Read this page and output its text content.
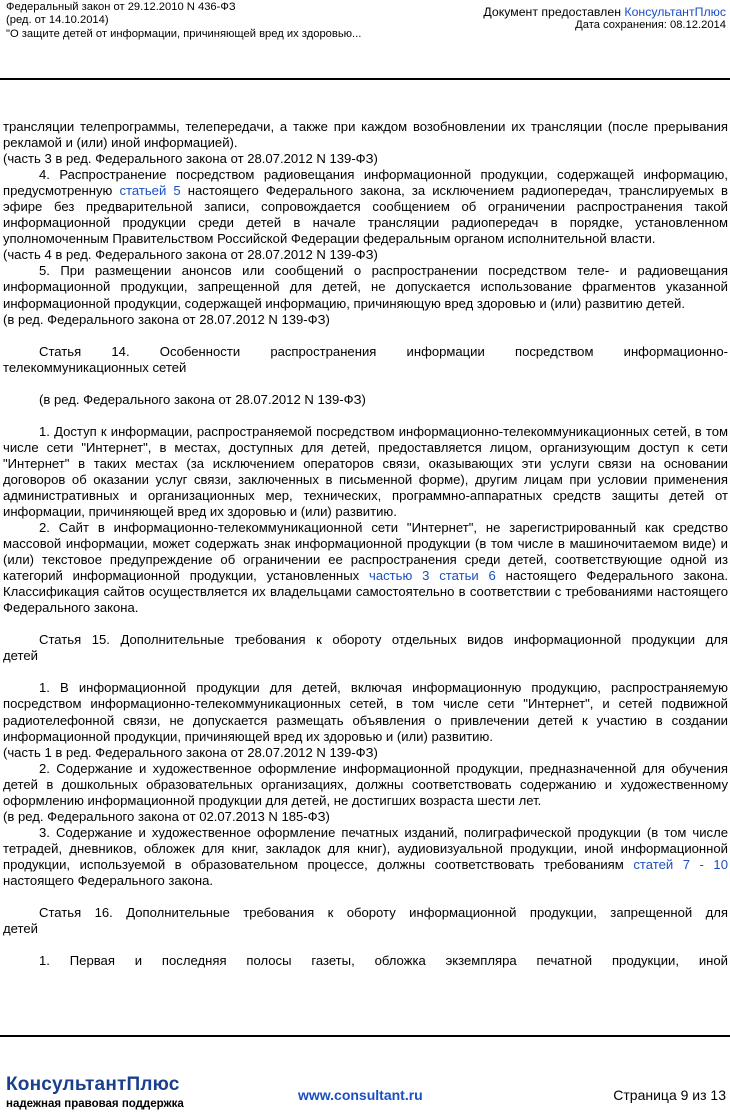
Федеральный закон от 29.12.2010 N 436-ФЗ
(ред. от 14.10.2014)
"О защите детей от информации, причиняющей вред их здоровью...
Документ предоставлен КонсультантПлюс
Дата сохранения: 08.12.2014

трансляции телепрограммы, телепередачи, а также при каждом возобновлении их трансляции (после прерывания рекламой и (или) иной информацией).

(часть 3 в ред. Федерального закона от 28.07.2012 N 139-ФЗ)

4. Распространение посредством радиовещания информационной продукции, содержащей информацию, предусмотренную статьей 5 настоящего Федерального закона, за исключением радиопередач, транслируемых в эфире без предварительной записи, сопровождается сообщением об ограничении распространения такой информационной продукции среди детей в начале трансляции радиопередач в порядке, установленном уполномоченным Правительством Российской Федерации федеральным органом исполнительной власти.

(часть 4 в ред. Федерального закона от 28.07.2012 N 139-ФЗ)

5. При размещении анонсов или сообщений о распространении посредством теле- и радиовещания информационной продукции, запрещенной для детей, не допускается использование фрагментов указанной информационной продукции, содержащей информацию, причиняющую вред здоровью и (или) развитию детей.

(в ред. Федерального закона от 28.07.2012 N 139-ФЗ)

Статья 14. Особенности распространения информации посредством информационно-

телекоммуникационных сетей

(в ред. Федерального закона от 28.07.2012 N 139-ФЗ)

1. Доступ к информации, распространяемой посредством информационно-телекоммуникационных сетей, в том числе сети "Интернет", в местах, доступных для детей, предоставляется лицом, организующим доступ к сети "Интернет" в таких местах (за исключением операторов связи, оказывающих эти услуги связи на основании договоров об оказании услуг связи, заключенных в письменной форме), другим лицам при условии применения административных и организационных мер, технических, программно-аппаратных средств защиты детей от информации, причиняющей вред их здоровью и (или) развитию.

2. Сайт в информационно-телекоммуникационной сети "Интернет", не зарегистрированный как средство массовой информации, может содержать знак информационной продукции (в том числе в машиночитаемом виде) и (или) текстовое предупреждение об ограничении ее распространения среди детей, соответствующие одной из категорий информационной продукции, установленных частью 3 статьи 6 настоящего Федерального закона. Классификация сайтов осуществляется их владельцами самостоятельно в соответствии с требованиями настоящего Федерального закона.

Статья 15. Дополнительные требования к обороту отдельных видов информационной продукции для

детей

1. В информационной продукции для детей, включая информационную продукцию, распространяемую посредством информационно-телекоммуникационных сетей, в том числе сети "Интернет", и сетей подвижной радиотелефонной связи, не допускается размещать объявления о привлечении детей к участию в создании информационной продукции, причиняющей вред их здоровью и (или) развитию.

(часть 1 в ред. Федерального закона от 28.07.2012 N 139-ФЗ)

2. Содержание и художественное оформление информационной продукции, предназначенной для обучения детей в дошкольных образовательных организациях, должны соответствовать содержанию и художественному оформлению информационной продукции для детей, не достигших возраста шести лет.

(в ред. Федерального закона от 02.07.2013 N 185-ФЗ)

3. Содержание и художественное оформление печатных изданий, полиграфической продукции (в том числе тетрадей, дневников, обложек для книг, закладок для книг), аудиовизуальной продукции, иной информационной продукции, используемой в образовательном процессе, должны соответствовать требованиям статей 7 - 10 настоящего Федерального закона.

Статья 16. Дополнительные требования к обороту информационной продукции, запрещенной для

детей

1. Первая и последняя полосы газеты, обложка экземпляра печатной продукции, иной

КонсультантПлюс
надежная правовая поддержка
www.consultant.ru	Страница 9 из 13
